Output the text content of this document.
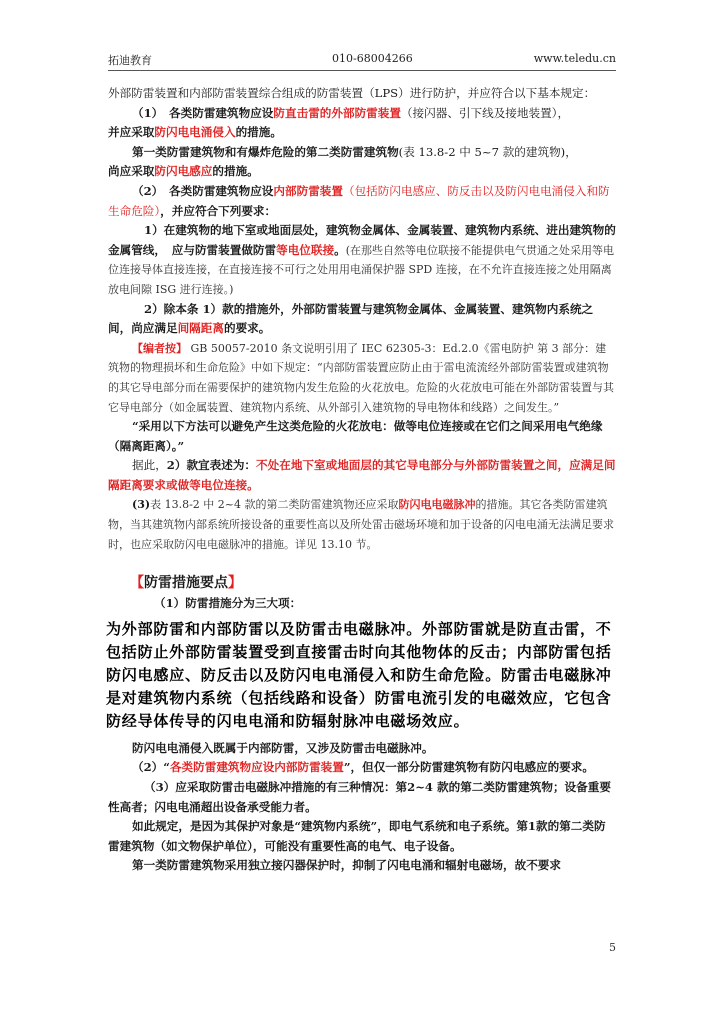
拓迪教育	010-68004266	www.teledu.cn

外部防雷装置和内部防雷装置综合组成的防雷装置（LPS）进行防护，并应符合以下基本规定：

（1）　各类防雷建筑物应设防直击雷的外部防雷装置（接闪器、引下线及接地装置），

并应采取防闪电电涌侵入的措施。

第一类防雷建筑物和有爆炸危险的第二类防雷建筑物(表 13.8-2 中 5~7 款的建筑物)，

尚应采取防闪电感应的措施。

（2）　各类防雷建筑物应设内部防雷装置（包括防闪电感应、防反击以及防闪电电涌侵入和防生命危险），并应符合下列要求：

1）在建筑物的地下室或地面层处，建筑物金属体、金属装置、建筑物内系统、进出建筑物的金属管线，　应与防雷装置做防雷等电位联接。(在那些自然等电位联接不能提供电气贯通之处采用等电位连接导体直接连接，在直接连接不可行之处用用电涌保护器 SPD 连接，在不允许直接连接之处用隔离放电间隙 ISG 进行连接。)

2）除本条 1）款的措施外，外部防雷装置与建筑物金属体、金属装置、建筑物内系统之间，尚应满足间隔距离的要求。

【编者按】 GB 50057-2010 条文说明引用了 IEC 62305-3：Ed.2.0《雷电防护 第 3 部分：建筑物的物理损坏和生命危险》中如下规定：“内部防雷装置应防止由于雷电流流经外部防雷装置或建筑物的其它导电部分而在需要保护的建筑物内发生危险的火花放电。危险的火花放电可能在外部防雷装置与其它导电部分（如金属装置、建筑物内系统、从外部引入建筑物的导电物体和线路）之间发生。”

“采用以下方法可以避免产生这类危险的火花放电：做等电位连接或在它们之间采用电气绝缘（隔离距离）。”

据此，2）款宜表述为：不处在地下室或地面层的其它导电部分与外部防雷装置之间，应满足间隔距离要求或做等电位连接。

(3)表 13.8-2 中 2~4 款的第二类防雷建筑物还应采取防闪电电磁脉冲的措施。其它各类防雷建筑物，当其建筑物内部系统所接设备的重要性高以及所处雷击磁场环境和加于设备的闪电电涌无法满足要求时，也应采取防闪电电磁脉冲的措施。详见 13.10 节。

【防雷措施要点】

（1）防雷措施分为三大项：

为外部防雷和内部防雷以及防雷击电磁脉冲。外部防雷就是防直击雷，不包括防止外部防雷装置受到直接雷击时向其他物体的反击；内部防雷包括防闪电感应、防反击以及防闪电电涌侵入和防生命危险。防雷击电磁脉冲是对建筑物内系统（包括线路和设备）防雷电流引发的电磁效应，它包含防经导体传导的闪电电涌和防辐射脉冲电磁场效应。

防闪电电涌侵入既属于内部防雷，又涉及防雷击电磁脉冲。

（2）“各类防雷建筑物应设内部防雷装置”，但仅一部分防雷建筑物有防闪电感应的要求。

（3）应采取防雷击电磁脉冲措施的有三种情况：第2~4 款的第二类防雷建筑物；设备重要性高者；闪电电涌超出设备承受能力者。

如此规定，是因为其保护对象是“建筑物内系统”，即电气系统和电子系统。第1款的第二类防雷建筑物（如文物保护单位），可能没有重要性高的电气、电子设备。

第一类防雷建筑物采用独立接闪器保护时，抑制了闪电电涌和辐射电磁场，故不要求

5
